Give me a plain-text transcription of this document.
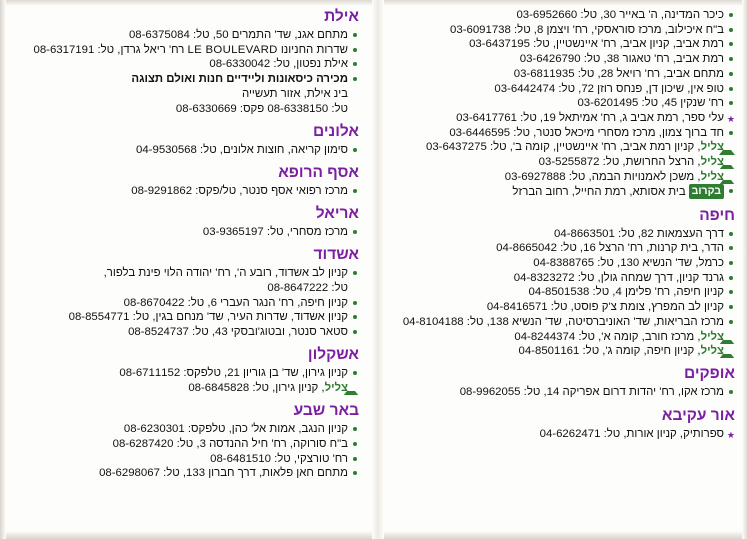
כיכר המדינה, ה' באייר 30, טל: 03-6952660
ב"ח איכילוב, מרכז סוראסקי, רח' ויצמן 8, טל: 03-6091738
רמת אביב, קניון אביב, רח' איינשטיין, טל: 03-6437195
רמת אביב, רח' טאגור 38, טל: 03-6426790
מתחם אביב, רח' רויאל 28, טל: 03-6811935
טופ אין, שיכון דן, פנחס רוזן 72, טל: 03-6442474
רח' שנקין 45, טל: 03-6201495
★ עלי ספר, רמת אביב ג, רח' אמיתאל 19, טל: 03-6417761
חד ברוך צמון, מרכז מסחרי מיכאל סנטר, טל: 03-6446595
צליל, קניון רמת אביב, רח' איינשטיין, קומה ב', טל: 03-6437275
צליל, הרצל החרושת, טל: 03-5255872
צליל, משכן לאמנויות הבמה, טל: 03-6927888
בקרובבית אסותא, רמת החייל, רחוב הברזל
חיפה
דרך העצמאות 82, טל: 04-8663501
הדר, בית קרנות, רח' הרצל 16, טל: 04-8665042
כרמל, שד' הנשיא 130, טל: 04-8388765
גרנד קניון, דרך שמחה גולן, טל: 04-8323272
קניון חיפה, רח' פלימן 4, טל: 04-8501538
קניון לב המפרץ, צומת צ'ק פוסט, טל: 04-8416571
מרכז הבריאות, שד' האוניברסיטה, שד' הנשיא 138, טל: 04-8104188
צליל, מרכז חורב, קומה א', טל: 04-8244374
צליל, קניון חיפה, קומה ג', טל: 04-8501161
אופקים
מרכז אקו, רח' יהדות דרום אפריקה 14, טל: 08-9962055
אור עקיבא
★ ספרותיק, קניון אורות, טל: 04-6262471
אילת
מתחם אגנ, שד' התמרים 50, טל: 08-6375084
שדרות החניונו LE BOULEVARD רח' ריאל גרדן, טל: 08-6317191
אילת נפטון, טל: 08-6330042
מכירה כיסאונות וליידיים חנות ואולם תצוגה
בינ אילת, אזור תעשייה
טל: 08-6338150 פקס: 08-6330669
אלונים
סימון קריאה, חוצות אלונים, טל: 04-9530568
אסף הרופא
מרכז רפואי אסף סנטר, טל/פקס: 08-9291862
אריאל
מרכז מסחרי, טל: 03-9365197
אשדוד
קניון לב אשדוד, רובע ה', רח' יהודה הלוי פינת בלפור,
טל: 08-8647222
קניון חיפה, רח' הנגר העברי 6, טל: 08-8670422
קניון אשדוד, שדרות העיר, שד' מנחם בגין, טל: 08-8554771
סטאר סנטר, ובטוג'ובסקי 43, טל: 08-8524737
אשקלון
קניון גירון, שד' בן גוריון 21, טלפקס: 08-6711152
צליל, קניון גירון, טל: 08-6845828
באר שבע
קניון הנגב, אמות אל' כהן, טלפקס: 08-6230301
ב"ח סורוקה, רח' חיל ההנדסה 3, טל: 08-6287420
רח' טורצקי, טל: 08-6481510
מתחם חאן פלאות, דרך חברון 133, טל: 08-6298067
